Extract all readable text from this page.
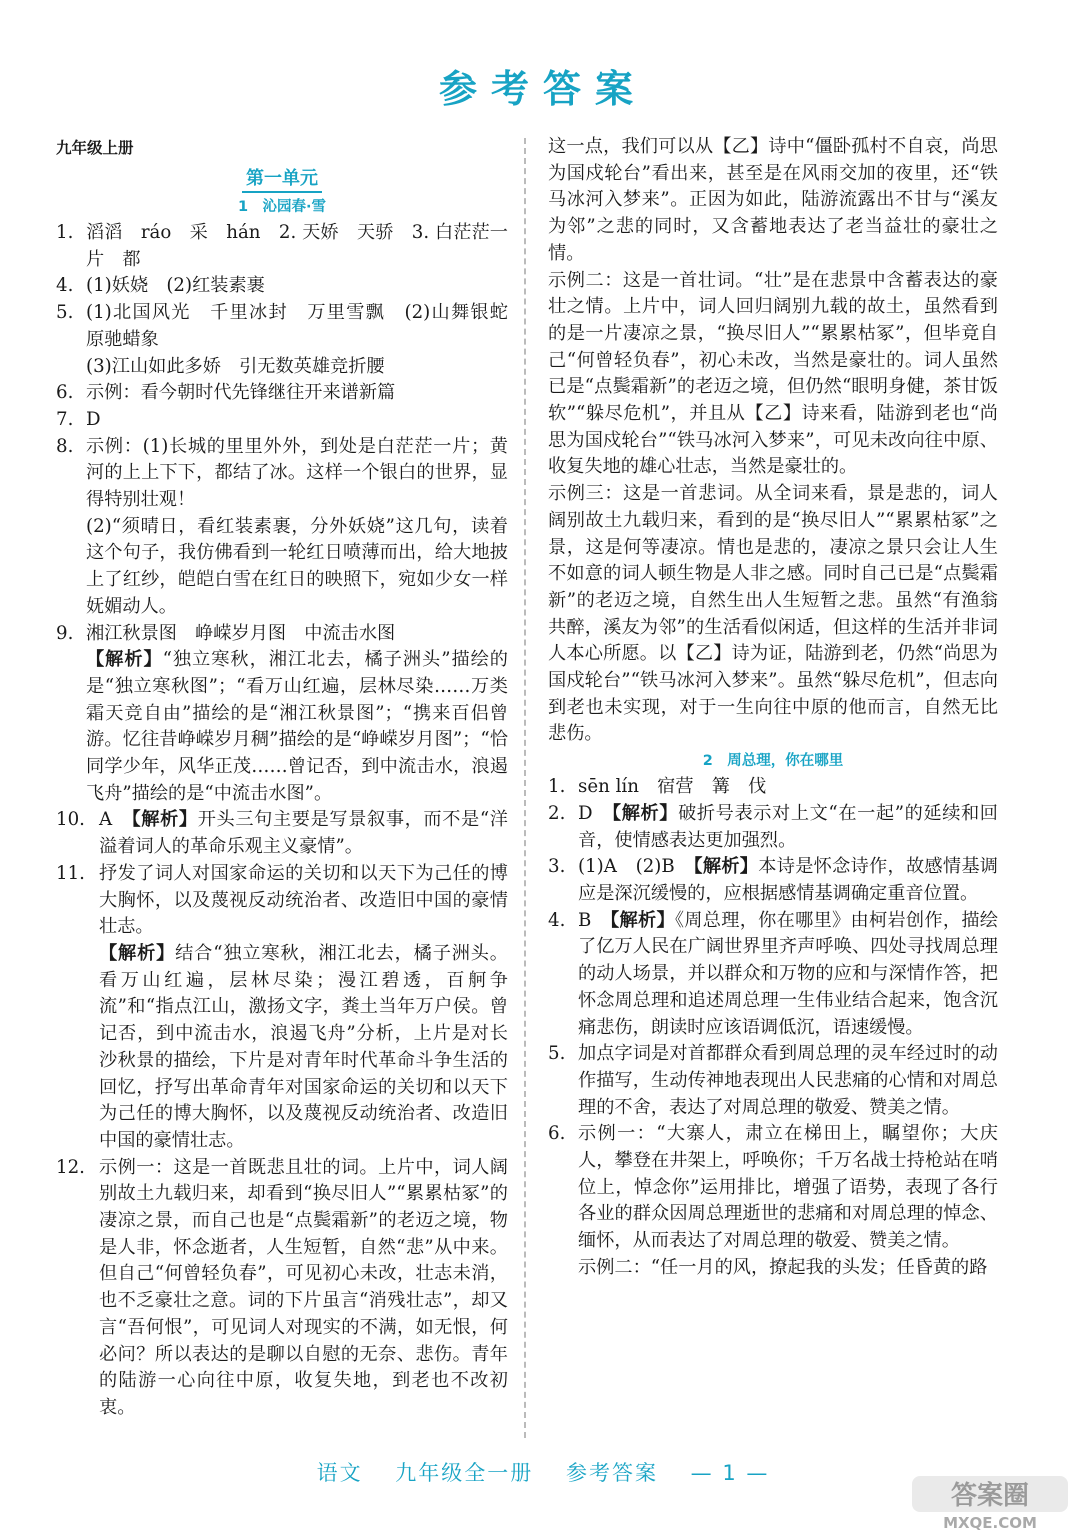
参考答案
九年级上册
第一单元
1　沁园春·雪
1. 滔滔　ráo　采　hán　2. 天娇　天骄　3. 白茫茫一片　都
4. (1)妖娆　(2)红装素裹
5. (1)北国风光　千里冰封　万里雪飘　(2)山舞银蛇　原驰蜡象
(3)江山如此多娇　引无数英雄竞折腰
6. 示例：看今朝时代先锋继往开来谱新篇
7. D
8. 示例：(1)长城的里里外外，到处是白茫茫一片；黄河的上上下下，都结了冰。这样一个银白的世界，显得特别壮观！
(2)“须晴日，看红装素裹，分外妖娆”这几句，读着这个句子，我仿佛看到一轮红日喷薄而出，给大地披上了红纱，皑皑白雪在红日的映照下，宛如少女一样妩媚动人。
9. 湘江秋景图　峥嵘岁月图　中流击水图
【解析】“独立寒秋，湘江北去，橘子洲头”描绘的是“独立寒秋图”；“看万山红遍，层林尽染……万类霜天竞自由”描绘的是“湘江秋景图”；“携来百侣曾游。忆往昔峥嵘岁月稠”描绘的是“峥嵘岁月图”；“恰同学少年，风华正茂……曾记否，到中流击水，浪遏飞舟”描绘的是“中流击水图”。
10. A　 【解析】开头三句主要是写景叙事，而不是“洋溢着词人的革命乐观主义豪情”。
11. 抒发了词人对国家命运的关切和以天下为己任的博大胸怀，以及蔑视反动统治者、改造旧中国的豪情壮志。
【解析】结合“独立寒秋，湘江北去，橘子洲头。看万山红遍，层林尽染；漫江碧透，百舸争流”和“指点江山，激扬文字，粪土当年万户侯。曾记否，到中流击水，浪遏飞舟”分析，上片是对长沙秋景的描绘，下片是对青年时代革命斗争生活的回忆，抒写出革命青年对国家命运的关切和以天下为己任的博大胸怀，以及蔑视反动统治者、改造旧中国的豪情壮志。
12. 示例一：这是一首既悲且壮的词。上片中，词人阔别故土九载归来，却看到“换尽旧人”“累累枯冢”的凄凉之景，而自己也是“点鬓霜新”的老迈之境，物是人非，怀念逝者，人生短暂，自然“悲”从中来。但自己“何曾轻负春”，可见初心未改，壮志未消，也不乏豪壮之意。词的下片虽言“消残壮志”，却又言“吾何恨”，可见词人对现实的不满，如无恨，何必问？所以表达的是聊以自慰的无奈、悲伤。青年的陆游一心向往中原，收复失地，到老也不改初衷。
这一点，我们可以从【乙】诗中“僵卧孤村不自哀，尚思为国戍轮台”看出来，甚至是在风雨交加的夜里，还“铁马冰河入梦来”。正因为如此，陆游流露出不甘与“溪友为邻”之悲的同时，又含蓄地表达了老当益壮的豪壮之情。
示例二：这是一首壮词。“壮”是在悲景中含蓄表达的豪壮之情。上片中，词人回归阔别九载的故土，虽然看到的是一片凄凉之景，“换尽旧人”“累累枯冢”，但毕竟自己“何曾轻负春”，初心未改，当然是豪壮的。词人虽然已是“点鬓霜新”的老迈之境，但仍然“眼明身健，茶甘饭软”“躲尽危机”，并且从【乙】诗来看，陆游到老也“尚思为国戍轮台”“铁马冰河入梦来”，可见未改向往中原、收复失地的雄心壮志，当然是豪壮的。
示例三：这是一首悲词。从全词来看，景是悲的，词人阔别故土九载归来，看到的是“换尽旧人”“累累枯冢”之景，这是何等凄凉。情也是悲的，凄凉之景只会让人生不如意的词人顿生物是人非之感。同时自己已是“点鬓霜新”的老迈之境，自然生出人生短暂之悲。虽然“有渔翁共醉，溪友为邻”的生活看似闲适，但这样的生活并非词人本心所愿。以【乙】诗为证，陆游到老，仍然“尚思为国戍轮台”“铁马冰河入梦来”。虽然“躲尽危机”，但志向到老也未实现，对于一生向往中原的他而言，自然无比悲伤。
2　周总理，你在哪里
1. sēn lín　宿营　篝　伐
2. D　 【解析】破折号表示对上文“在一起”的延续和回音，使情感表达更加强烈。
3. (1)A　(2)B　 【解析】本诗是怀念诗作，故感情基调应是深沉缓慢的，应根据感情基调确定重音位置。
4. B　 【解析】《周总理，你在哪里》由柯岩创作，描绘了亿万人民在广阔世界里齐声呼唤、四处寻找周总理的动人场景，并以群众和万物的应和与深情作答，把怀念周总理和追述周总理一生伟业结合起来，饱含沉痛悲伤，朗读时应该语调低沉，语速缓慢。
5. 加点字词是对首都群众看到周总理的灵车经过时的动作描写，生动传神地表现出人民悲痛的心情和对周总理的不舍，表达了对周总理的敬爱、赞美之情。
6. 示例一：“大寨人，肃立在梯田上，瞩望你；大庆人，攀登在井架上，呼唤你；千万名战士持枪站在哨位上，悼念你”运用排比，增强了语势，表现了各行各业的群众因周总理逝世的悲痛和对周总理的悼念、缅怀，从而表达了对周总理的敬爱、赞美之情。
示例二：“任一月的风，撩起我的头发；任昏黄的路
语文 九年级全一册 参考答案 — 1 —
答案圈
MXQE.COM
